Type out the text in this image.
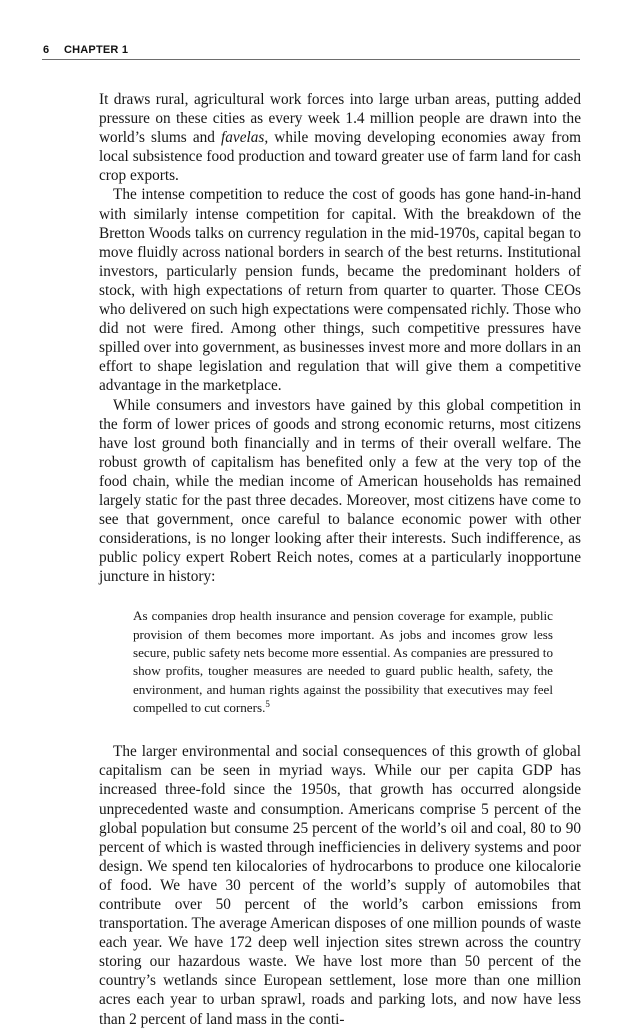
6 CHAPTER 1

It draws rural, agricultural work forces into large urban areas, putting added pressure on these cities as every week 1.4 million people are drawn into the world’s slums and favelas, while moving developing economies away from local subsistence food production and toward greater use of farm land for cash crop exports.

The intense competition to reduce the cost of goods has gone hand-in-hand with similarly intense competition for capital. With the breakdown of the Bretton Woods talks on currency regulation in the mid-1970s, capital began to move fluidly across national borders in search of the best returns. Institutional investors, particularly pension funds, became the predominant holders of stock, with high expectations of return from quarter to quarter. Those CEOs who delivered on such high expectations were compensated richly. Those who did not were fired. Among other things, such competitive pressures have spilled over into government, as businesses invest more and more dollars in an effort to shape legislation and regulation that will give them a competitive advantage in the marketplace.

While consumers and investors have gained by this global competition in the form of lower prices of goods and strong economic returns, most citizens have lost ground both financially and in terms of their overall welfare. The robust growth of capitalism has benefited only a few at the very top of the food chain, while the median income of American households has remained largely static for the past three decades. Moreover, most citizens have come to see that government, once careful to balance economic power with other considerations, is no longer looking after their interests. Such indifference, as public policy expert Robert Reich notes, comes at a particularly inopportune juncture in history:

As companies drop health insurance and pension coverage for example, public provision of them becomes more important. As jobs and incomes grow less secure, public safety nets become more essential. As companies are pressured to show profits, tougher measures are needed to guard public health, safety, the environment, and human rights against the possibility that executives may feel compelled to cut corners.$^5$

The larger environmental and social consequences of this growth of global capitalism can be seen in myriad ways. While our per capita GDP has increased three-fold since the 1950s, that growth has occurred alongside unprecedented waste and consumption. Americans comprise 5 percent of the global population but consume 25 percent of the world’s oil and coal, 80 to 90 percent of which is wasted through inefficiencies in delivery systems and poor design. We spend ten kilocalories of hydrocarbons to produce one kilocalorie of food. We have 30 percent of the world’s supply of automobiles that contribute over 50 percent of the world’s carbon emissions from transportation. The average American disposes of one million pounds of waste each year. We have 172 deep well injection sites strewn across the country storing our hazardous waste. We have lost more than 50 percent of the country’s wetlands since European settlement, lose more than one million acres each year to urban sprawl, roads and parking lots, and now have less than 2 percent of land mass in the conti-
